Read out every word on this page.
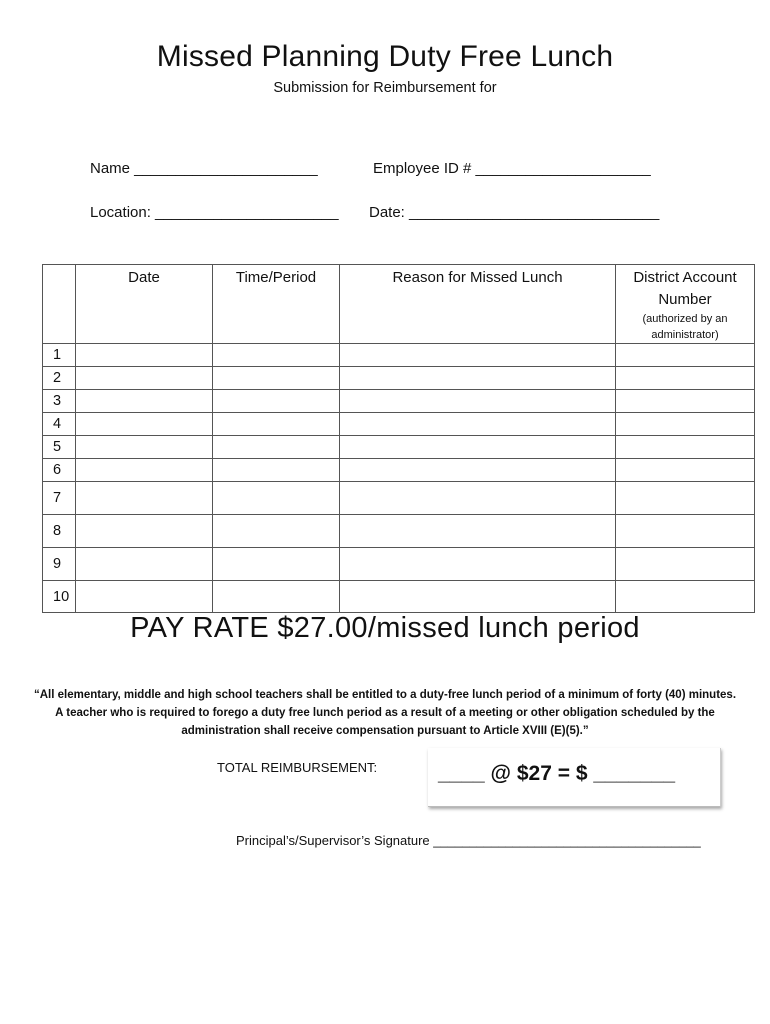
Missed Planning Duty Free Lunch
Submission for Reimbursement for
Name ______________________	Employee ID # _____________________
Location: ______________________ Date: ______________________________
	Date	Time/Period	Reason for Missed Lunch	District Account
Number
(authorized by an
administrator)

1				
2				
3				
4				
5				
6				
7				
8				
9				
10				
PAY RATE $27.00/missed lunch period
“All elementary, middle and high school teachers shall be entitled to a duty-free lunch period of a minimum of forty (40) minutes. A teacher who is required to forego a duty free lunch period as a result of a meeting or other obligation scheduled by the administration shall receive compensation pursuant to Article XVIII (E)(5).”
TOTAL REIMBURSEMENT:	____ @ $27 = $ _______
Principal’s/Supervisor’s Signature _____________________________________
